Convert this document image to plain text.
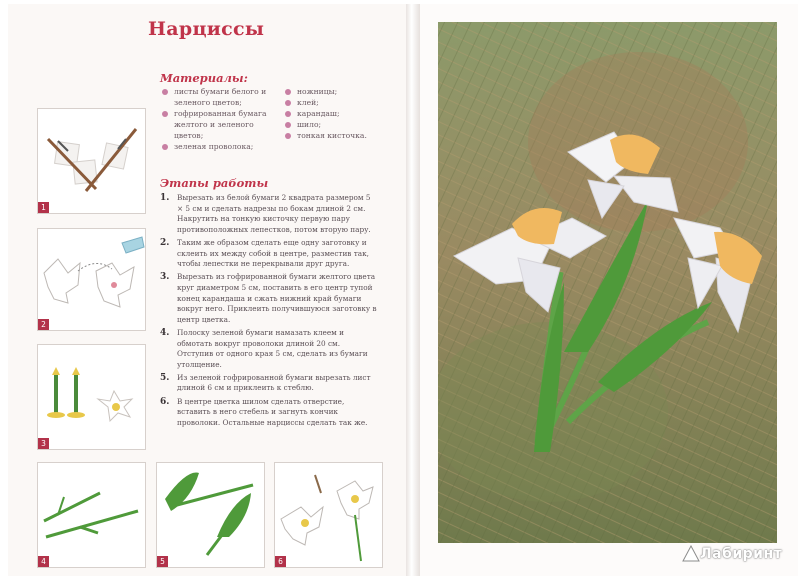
Нарциссы
Материалы:
листы бумаги белого и зеленого цветов;
гофрированная бумага желтого и зеленого цветов;
зеленая проволока;
ножницы;
клей;
карандаш;
шило;
тонкая кисточка.
Этапы работы
1. Вырезать из белой бумаги 2 квадрата размером 5 × 5 см и сделать надрезы по бокам длиной 2 см. Накрутить на тонкую кисточку первую пару противоположных лепестков, потом вторую пару.
2. Таким же образом сделать еще одну заготовку и склеить их между собой в центре, разместив так, чтобы лепестки не перекрывали друг друга.
3. Вырезать из гофрированной бумаги желтого цвета круг диаметром 5 см, поставить в его центр тупой конец карандаша и сжать нижний край бумаги вокруг него. Приклеить получившуюся заготовку в центр цветка.
4. Полоску зеленой бумаги намазать клеем и обмотать вокруг проволоки длиной 20 см. Отступив от одного края 5 см, сделать из бумаги утолщение.
5. Из зеленой гофрированной бумаги вырезать лист длиной 6 см и приклеить к стеблю.
6. В центре цветка шилом сделать отверстие, вставить в него стебель и загнуть кончик проволоки. Остальные нарциссы сделать так же.
1
2
3
4	5	6	Лабиринт
